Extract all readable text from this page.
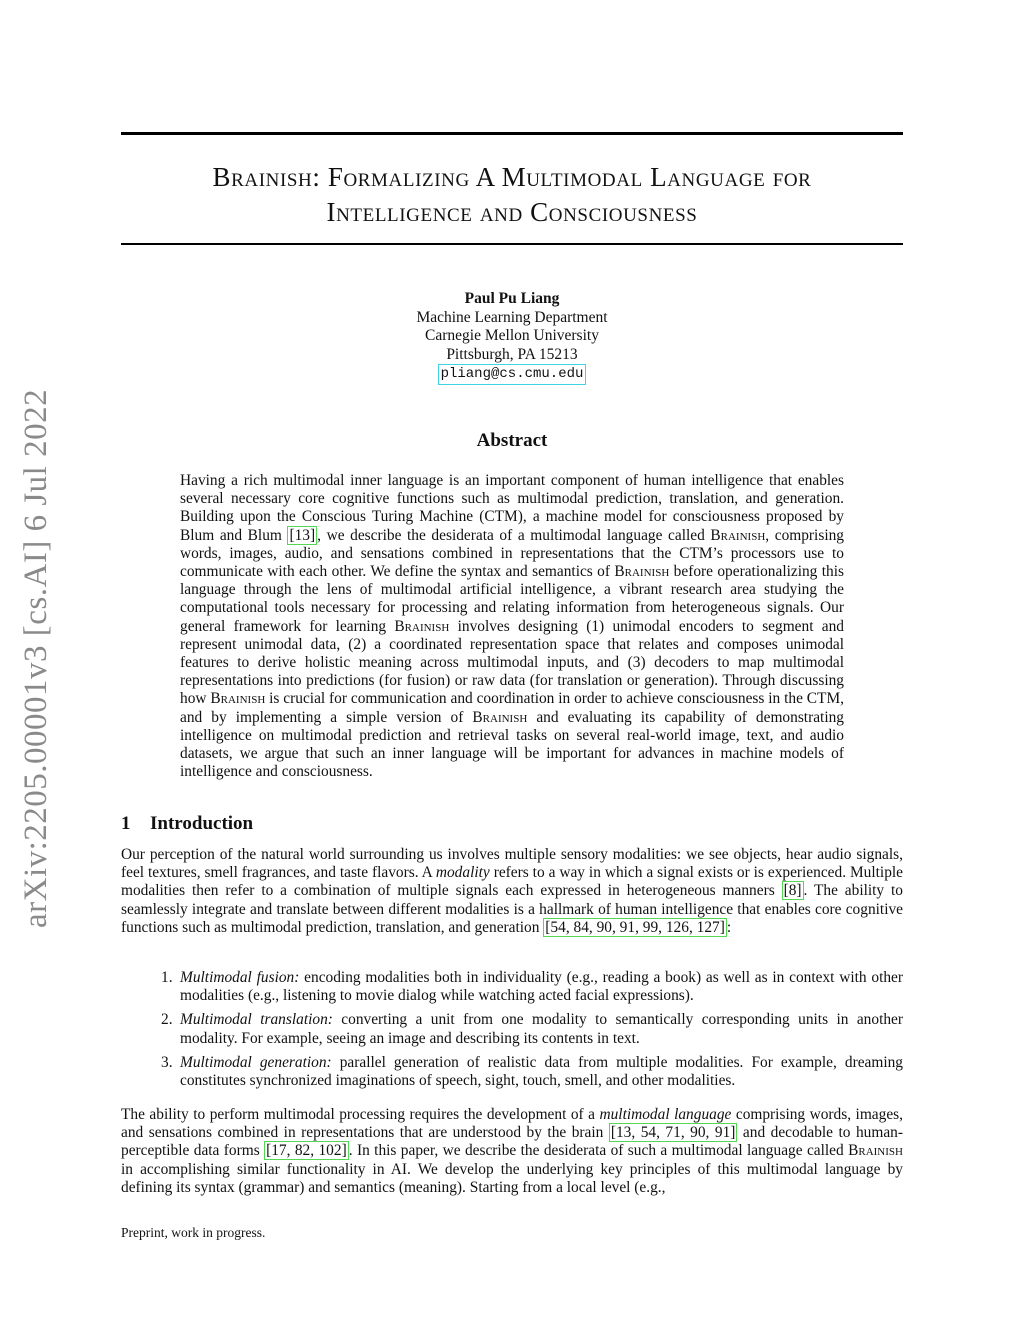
arXiv:2205.00001v3 [cs.AI] 6 Jul 2022
Brainish: Formalizing A Multimodal Language for
Intelligence and Consciousness
Paul Pu Liang
Machine Learning Department
Carnegie Mellon University
Pittsburgh, PA 15213
pliang@cs.cmu.edu
Abstract
Having a rich multimodal inner language is an important component of human intelligence that enables several necessary core cognitive functions such as multimodal prediction, translation, and generation. Building upon the Conscious Turing Machine (CTM), a machine model for consciousness proposed by Blum and Blum [13] , we describe the desiderata of a multimodal language called Brainish, comprising words, images, audio, and sensations combined in representations that the CTM’s processors use to communicate with each other. We define the syntax and semantics of Brainish before operationalizing this language through the lens of multimodal artificial intelligence, a vibrant research area studying the computational tools necessary for processing and relating information from heterogeneous signals. Our general framework for learning Brainish involves designing (1) unimodal encoders to segment and represent unimodal data, (2) a coordinated representation space that relates and composes unimodal features to derive holistic meaning across multimodal inputs, and (3) decoders to map multimodal representations into predictions (for fusion) or raw data (for translation or generation). Through discussing how Brainish is crucial for communication and coordination in order to achieve consciousness in the CTM, and by implementing a simple version of Brainish and evaluating its capability of demonstrating intelligence on multimodal prediction and retrieval tasks on several real-world image, text, and audio datasets, we argue that such an inner language will be important for advances in machine models of intelligence and consciousness.
1 Introduction
Our perception of the natural world surrounding us involves multiple sensory modalities: we see objects, hear audio signals, feel textures, smell fragrances, and taste flavors. A modality refers to a way in which a signal exists or is experienced. Multiple modalities then refer to a combination of multiple signals each expressed in heterogeneous manners [8] . The ability to seamlessly integrate and translate between different modalities is a hallmark of human intelligence that enables core cognitive functions such as multimodal prediction, translation, and generation [54, 84, 90, 91, 99, 126, 127] :
1. Multimodal fusion: encoding modalities both in individuality (e.g., reading a book) as well as in context with other modalities (e.g., listening to movie dialog while watching acted facial expressions).
2. Multimodal translation: converting a unit from one modality to semantically corresponding units in another modality. For example, seeing an image and describing its contents in text.
3. Multimodal generation: parallel generation of realistic data from multiple modalities. For example, dreaming constitutes synchronized imaginations of speech, sight, touch, smell, and other modalities.
The ability to perform multimodal processing requires the development of a multimodal language comprising words, images, and sensations combined in representations that are understood by the brain [13, 54, 71, 90, 91] and decodable to human-perceptible data forms [17, 82, 102] . In this paper, we describe the desiderata of such a multimodal language called Brainish in accomplishing similar functionality in AI. We develop the underlying key principles of this multimodal language by defining its syntax (grammar) and semantics (meaning). Starting from a local level (e.g.,
Preprint, work in progress.
